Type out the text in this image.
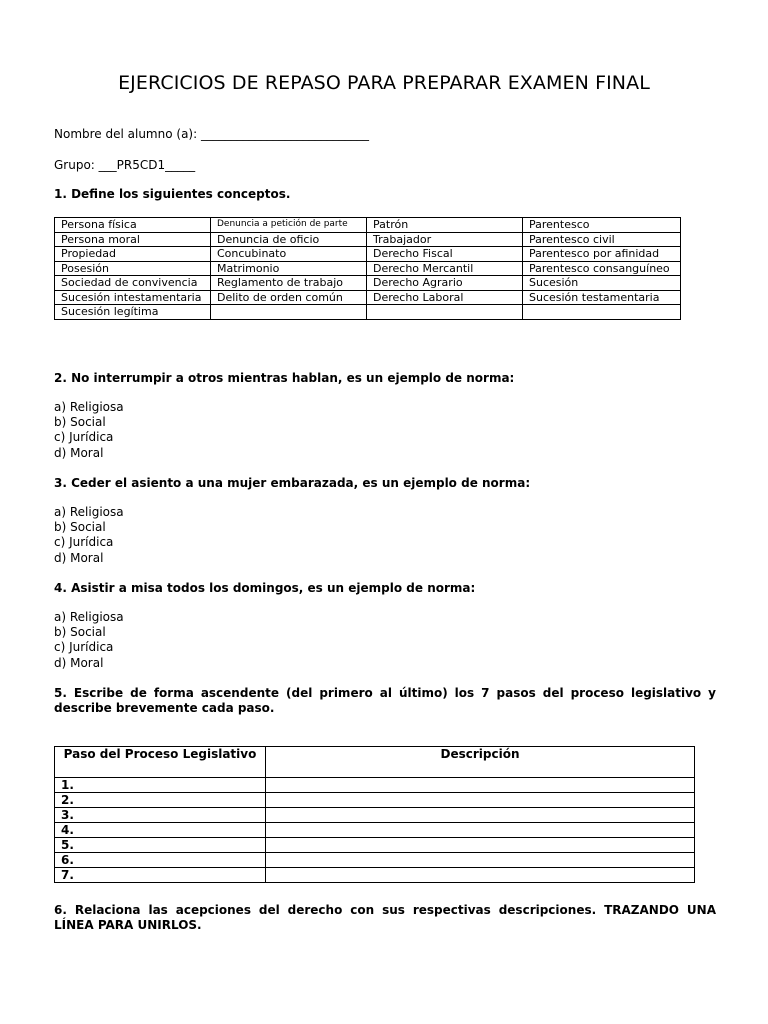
EJERCICIOS DE REPASO PARA PREPARAR EXAMEN FINAL
Nombre del alumno (a): ____________________________
Grupo: ___PR5CD1_____
1. Define los siguientes conceptos.
Persona física	Denuncia a petición de parte	Patrón	Parentesco
Persona moral	Denuncia de oficio	Trabajador	Parentesco civil
Propiedad	Concubinato	Derecho Fiscal	Parentesco por afinidad
Posesión	Matrimonio	Derecho Mercantil	Parentesco consanguíneo
Sociedad de convivencia	Reglamento de trabajo	Derecho Agrario	Sucesión
Sucesión intestamentaria	Delito de orden común	Derecho Laboral	Sucesión testamentaria
Sucesión legítima			
2. No interrumpir a otros mientras hablan, es un ejemplo de norma:
a) Religiosa
b) Social
c) Jurídica
d) Moral
3. Ceder el asiento a una mujer embarazada, es un ejemplo de norma:
a) Religiosa
b) Social
c) Jurídica
d) Moral
4. Asistir a misa todos los domingos, es un ejemplo de norma:
a) Religiosa
b) Social
c) Jurídica
d) Moral
5. Escribe de forma ascendente (del primero al último) los 7 pasos del proceso legislativo y describe brevemente cada paso.
Paso del Proceso Legislativo	Descripción
1.	
2.	
3.	
4.	
5.	
6.	
7.	
6. Relaciona las acepciones del derecho con sus respectivas descripciones. TRAZANDO UNA LÍNEA PARA UNIRLOS.
